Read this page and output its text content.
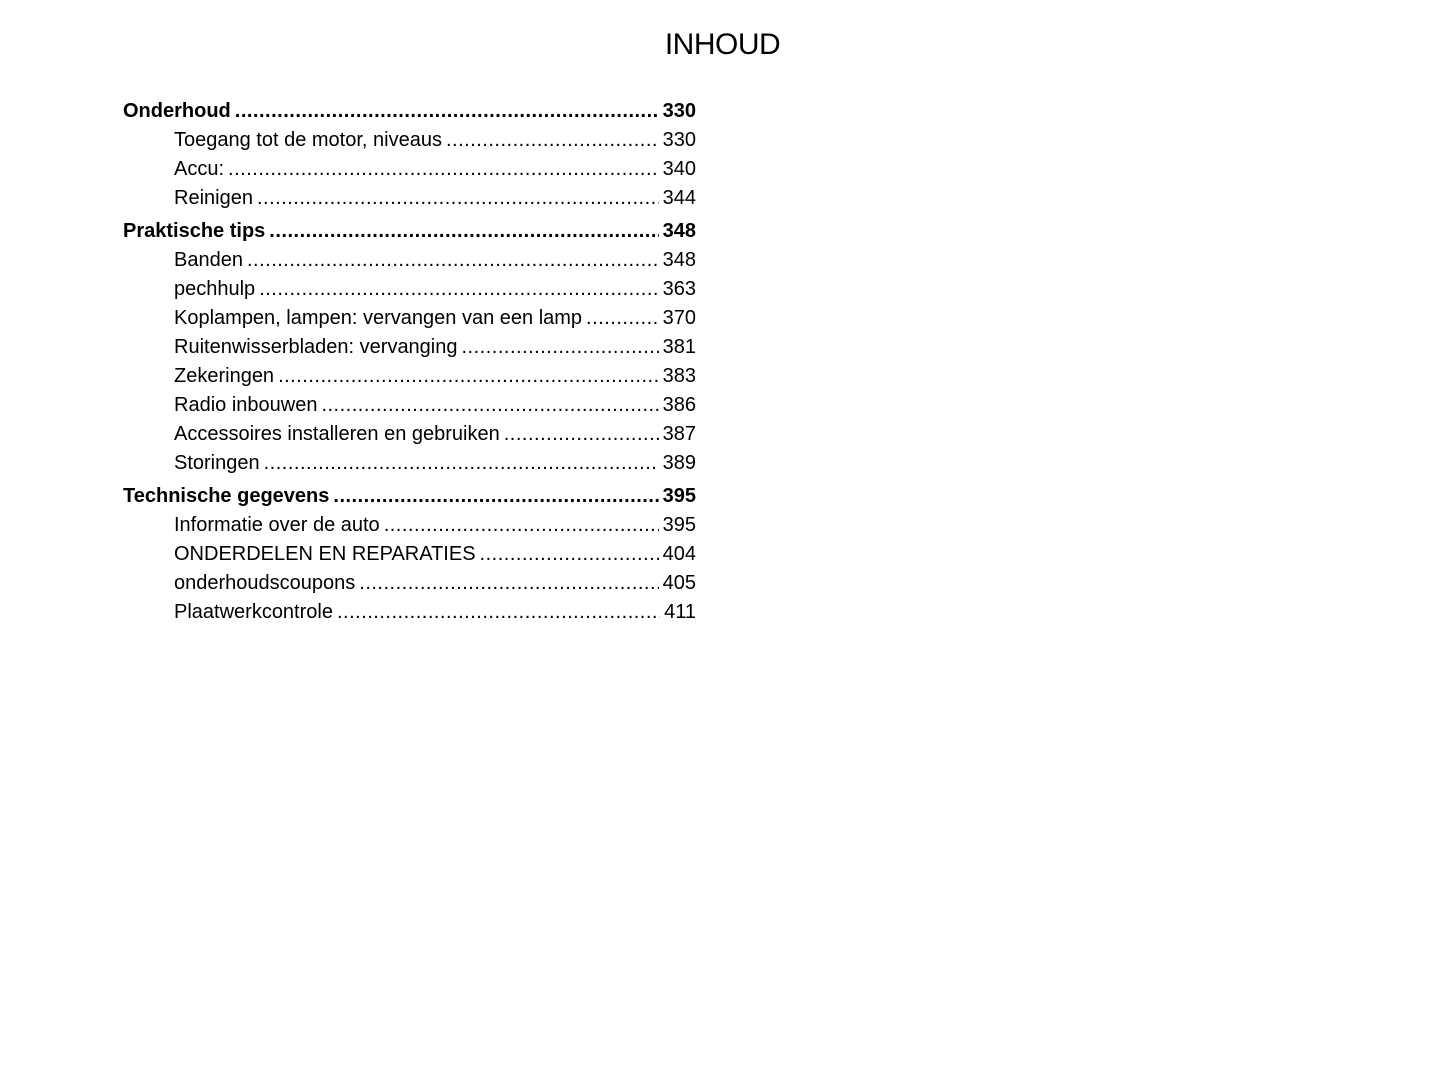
INHOUD
Onderhoud .....	330
Toegang tot de motor, niveaus .....	330
Accu: .....	340
Reinigen .....	344
Praktische tips .....	348
Banden .....	348
pechhulp .....	363
Koplampen, lampen: vervangen van een lamp .....	370
Ruitenwisserbladen: vervanging .....	381
Zekeringen .....	383
Radio inbouwen .....	386
Accessoires installeren en gebruiken .....	387
Storingen .....	389
Technische gegevens .....	395
Informatie over de auto .....	395
ONDERDELEN EN REPARATIES .....	404
onderhoudscoupons .....	405
Plaatwerkcontrole .....	411
